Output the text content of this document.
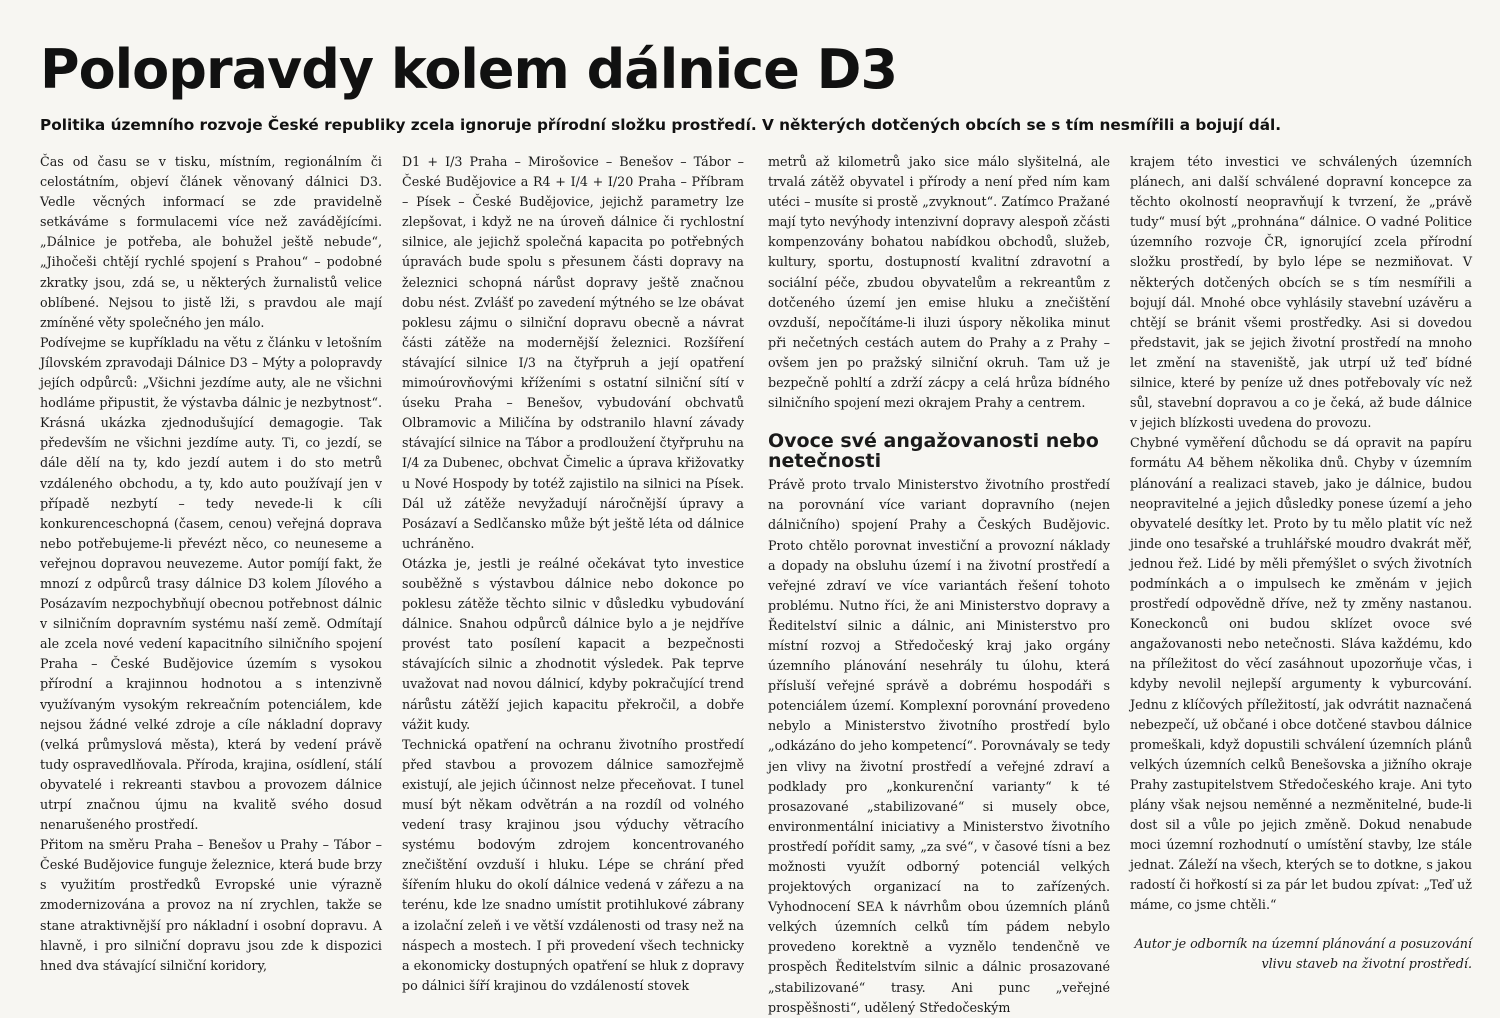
Polopravdy kolem dálnice D3

Politika územního rozvoje České republiky zcela ignoruje přírodní složku prostředí. V některých dotčených obcích se s tím nesmířili a bojují dál.

Čas od času se v tisku, místním, regionálním či celostátním, objeví článek věnovaný dálnici D3. Vedle věcných informací se zde pravidelně setkáváme s formulacemi více než zavádějícími. „Dálnice je potřeba, ale bohužel ještě nebude“, „Jihočeši chtějí rychlé spojení s Prahou“ – podobné zkratky jsou, zdá se, u některých žurnalistů velice oblíbené. Nejsou to jistě lži, s pravdou ale mají zmíněné věty společného jen málo.

Podívejme se kupříkladu na větu z článku v letošním Jílovském zpravodaji Dálnice D3 – Mýty a polopravdy jejích odpůrců: „Všichni jezdíme auty, ale ne všichni hodláme připustit, že výstavba dálnic je nezbytnost“. Krásná ukázka zjednodušující demagogie. Tak především ne všichni jezdíme auty. Ti, co jezdí, se dále dělí na ty, kdo jezdí autem i do sto metrů vzdáleného obchodu, a ty, kdo auto používají jen v případě nezbytí – tedy nevede-li k cíli konkurenceschopná (časem, cenou) veřejná doprava nebo potřebujeme-li převézt něco, co neuneseme a veřejnou dopravou neuvezeme. Autor pomíjí fakt, že mnozí z odpůrců trasy dálnice D3 kolem Jílového a Posázavím nezpochybňují obecnou potřebnost dálnic v silničním dopravním systému naší země. Odmítají ale zcela nové vedení kapacitního silničního spojení Praha – České Budějovice územím s vysokou přírodní a krajinnou hodnotou a s intenzivně využívaným vysokým rekreačním potenciálem, kde nejsou žádné velké zdroje a cíle nákladní dopravy (velká průmyslová města), která by vedení právě tudy ospravedlňovala. Příroda, krajina, osídlení, stálí obyvatelé i rekreanti stavbou a provozem dálnice utrpí značnou újmu na kvalitě svého dosud nenarušeného prostředí.

Přitom na směru Praha – Benešov u Prahy – Tábor – České Budějovice funguje železnice, která bude brzy s využitím prostředků Evropské unie výrazně zmodernizována a provoz na ní zrychlen, takže se stane atraktivnější pro nákladní i osobní dopravu. A hlavně, i pro silniční dopravu jsou zde k dispozici hned dva stávající silniční koridory,

D1 + I/3 Praha – Mirošovice – Benešov – Tábor – České Budějovice a R4 + I/4 + I/20 Praha – Příbram – Písek – České Budějovice, jejichž parametry lze zlepšovat, i když ne na úroveň dálnice či rychlostní silnice, ale jejichž společná kapacita po potřebných úpravách bude spolu s přesunem části dopravy na železnici schopná nárůst dopravy ještě značnou dobu nést. Zvlášť po zavedení mýtného se lze obávat poklesu zájmu o silniční dopravu obecně a návrat části zátěže na modernější železnici. Rozšíření stávající silnice I/3 na čtyřpruh a její opatření mimoúrovňovými kříženími s ostatní silniční sítí v úseku Praha – Benešov, vybudování obchvatů Olbramovic a Miličína by odstranilo hlavní závady stávající silnice na Tábor a prodloužení čtyřpruhu na I/4 za Dubenec, obchvat Čimelic a úprava křižovatky u Nové Hospody by totéž zajistilo na silnici na Písek. Dál už zátěže nevyžadují náročnější úpravy a Posázaví a Sedlčansko může být ještě léta od dálnice uchráněno.

Otázka je, jestli je reálné očekávat tyto investice souběžně s výstavbou dálnice nebo dokonce po poklesu zátěže těchto silnic v důsledku vybudování dálnice. Snahou odpůrců dálnice bylo a je nejdříve provést tato posílení kapacit a bezpečnosti stávajících silnic a zhodnotit výsledek. Pak teprve uvažovat nad novou dálnicí, kdyby pokračující trend nárůstu zátěží jejich kapacitu překročil, a dobře vážit kudy.

Technická opatření na ochranu životního prostředí před stavbou a provozem dálnice samozřejmě existují, ale jejich účinnost nelze přeceňovat. I tunel musí být někam odvětrán a na rozdíl od volného vedení trasy krajinou jsou výduchy větracího systému bodovým zdrojem koncentrovaného znečištění ovzduší i hluku. Lépe se chrání před šířením hluku do okolí dálnice vedená v zářezu a na terénu, kde lze snadno umístit protihlukové zábrany a izolační zeleň i ve větší vzdálenosti od trasy než na náspech a mostech. I při provedení všech technicky a ekonomicky dostupných opatření se hluk z dopravy po dálnici šíří krajinou do vzdáleností stovek

metrů až kilometrů jako sice málo slyšitelná, ale trvalá zátěž obyvatel i přírody a není před ním kam utéci – musíte si prostě „zvyknout“. Zatímco Pražané mají tyto nevýhody intenzivní dopravy alespoň zčásti kompenzovány bohatou nabídkou obchodů, služeb, kultury, sportu, dostupností kvalitní zdravotní a sociální péče, zbudou obyvatelům a rekreantům z dotčeného území jen emise hluku a znečištění ovzduší, nepočítáme-li iluzi úspory několika minut při nečetných cestách autem do Prahy a z Prahy – ovšem jen po pražský silniční okruh. Tam už je bezpečně pohltí a zdrží zácpy a celá hrůza bídného silničního spojení mezi okrajem Prahy a centrem.

Ovoce své angažovanosti nebo netečnosti

Právě proto trvalo Ministerstvo životního prostředí na porovnání více variant dopravního (nejen dálničního) spojení Prahy a Českých Budějovic. Proto chtělo porovnat investiční a provozní náklady a dopady na obsluhu území i na životní prostředí a veřejné zdraví ve více variantách řešení tohoto problému. Nutno říci, že ani Ministerstvo dopravy a Ředitelství silnic a dálnic, ani Ministerstvo pro místní rozvoj a Středočeský kraj jako orgány územního plánování nesehrály tu úlohu, která přísluší veřejné správě a dobrému hospodáři s potenciálem území. Komplexní porovnání provedeno nebylo a Ministerstvo životního prostředí bylo „odkázáno do jeho kompetencí“. Porovnávaly se tedy jen vlivy na životní prostředí a veřejné zdraví a podklady pro „konkurenční varianty“ k té prosazované „stabilizované“ si musely obce, environmentální iniciativy a Ministerstvo životního prostředí pořídit samy, „za své“, v časové tísni a bez možnosti využít odborný potenciál velkých projektových organizací na to zařízených. Vyhodnocení SEA k návrhům obou územních plánů velkých územních celků tím pádem nebylo provedeno korektně a vyznělo tendenčně ve prospěch Ředitelstvím silnic a dálnic prosazované „stabilizované“ trasy. Ani punc „veřejné prospěšnosti“, udělený Středočeským

krajem této investici ve schválených územních plánech, ani další schválené dopravní koncepce za těchto okolností neopravňují k tvrzení, že „právě tudy“ musí být „prohnána“ dálnice. O vadné Politice územního rozvoje ČR, ignorující zcela přírodní složku prostředí, by bylo lépe se nezmiňovat. V některých dotčených obcích se s tím nesmířili a bojují dál. Mnohé obce vyhlásily stavební uzávěru a chtějí se bránit všemi prostředky. Asi si dovedou představit, jak se jejich životní prostředí na mnoho let změní na staveniště, jak utrpí už teď bídné silnice, které by peníze už dnes potřebovaly víc než sůl, stavební dopravou a co je čeká, až bude dálnice v jejich blízkosti uvedena do provozu.

Chybné vyměření důchodu se dá opravit na papíru formátu A4 během několika dnů. Chyby v územním plánování a realizaci staveb, jako je dálnice, budou neopravitelné a jejich důsledky ponese území a jeho obyvatelé desítky let. Proto by tu mělo platit víc než jinde ono tesařské a truhlářské moudro dvakrát měř, jednou řež. Lidé by měli přemýšlet o svých životních podmínkách a o impulsech ke změnám v jejich prostředí odpovědně dříve, než ty změny nastanou. Koneckonců oni budou sklízet ovoce své angažovanosti nebo netečnosti. Sláva každému, kdo na příležitost do věcí zasáhnout upozorňuje včas, i kdyby nevolil nejlepší argumenty k vyburcování. Jednu z klíčových příležitostí, jak odvrátit naznačená nebezpečí, už občané i obce dotčené stavbou dálnice promeškali, když dopustili schválení územních plánů velkých územních celků Benešovska a jižního okraje Prahy zastupitelstvem Středočeského kraje. Ani tyto plány však nejsou neměnné a nezměnitelné, bude-li dost sil a vůle po jejich změně. Dokud nenabude moci územní rozhodnutí o umístění stavby, lze stále jednat. Záleží na všech, kterých se to dotkne, s jakou radostí či hořkostí si za pár let budou zpívat: „Teď už máme, co jsme chtěli.“

Autor je odborník na územní plánování a posuzování vlivu staveb na životní prostředí.
